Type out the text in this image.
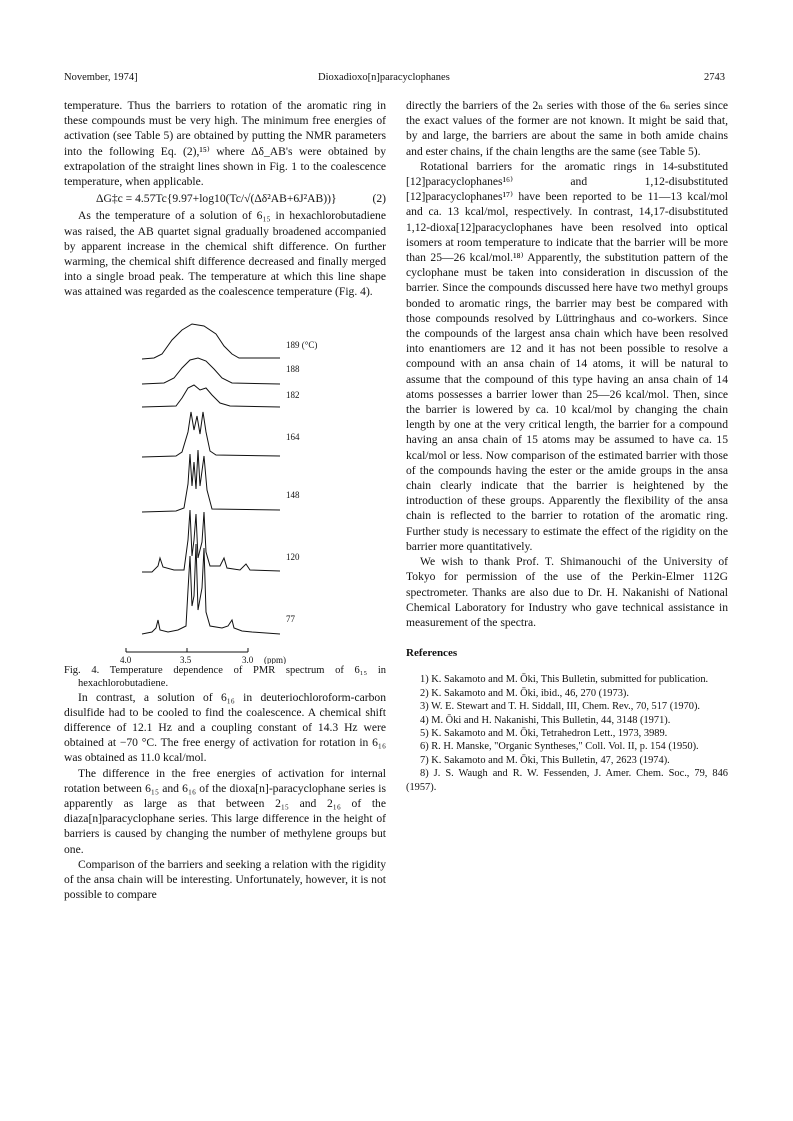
November, 1974]	Dioxadioxo[n]paracyclophanes	2743

temperature. Thus the barriers to rotation of the aromatic ring in these compounds must be very high. The minimum free energies of activation (see Table 5) are obtained by putting the NMR parameters into the following Eq. (2),¹⁵⁾ where Δδ_AB's were obtained by extrapolation of the straight lines shown in Fig. 1 to the coalescence temperature, when applicable.

ΔG‡c = 4.57Tc{9.97+log10(Tc/√(Δδ²AB+6J²AB))}	(2)

As the temperature of a solution of 6₁₅ in hexachlorobutadiene was raised, the AB quartet signal gradually broadened accompanied by apparent increase in the chemical shift difference. On further warming, the chemical shift difference decreased and finally merged into a single broad peak. The temperature at which this line shape was attained was regarded as the coalescence temperature (Fig. 4).

189 (°C)
188
182
164
148
120
77
4.0	3.5	3.0 (ppm)

Fig. 4. Temperature dependence of PMR spectrum of 6₁₅ in hexachlorobutadiene.

In contrast, a solution of 6₁₆ in deuteriochloroform-carbon disulfide had to be cooled to find the coalescence. A chemical shift difference of 12.1 Hz and a coupling constant of 14.3 Hz were obtained at −70 °C. The free energy of activation for rotation in 6₁₆ was obtained as 11.0 kcal/mol.

The difference in the free energies of activation for internal rotation between 6₁₅ and 6₁₆ of the dioxa[n]-paracyclophane series is apparently as large as that between 2₁₅ and 2₁₆ of the diaza[n]paracyclophane series. This large difference in the height of barriers is caused by changing the number of methylene groups but one.

Comparison of the barriers and seeking a relation with the rigidity of the ansa chain will be interesting. Unfortunately, however, it is not possible to compare

directly the barriers of the 2ₙ series with those of the 6ₙ series since the exact values of the former are not known. It might be said that, by and large, the barriers are about the same in both amide chains and ester chains, if the chain lengths are the same (see Table 5).

Rotational barriers for the aromatic rings in 14-substituted [12]paracyclophanes¹⁶⁾ and 1,12-disubstituted [12]paracyclophanes¹⁷⁾ have been reported to be 11—13 kcal/mol and ca. 13 kcal/mol, respectively. In contrast, 14,17-disubstituted 1,12-dioxa[12]paracyclophanes have been resolved into optical isomers at room temperature to indicate that the barrier will be more than 25—26 kcal/mol.¹⁸⁾ Apparently, the substitution pattern of the cyclophane must be taken into consideration in discussion of the barrier. Since the compounds discussed here have two methyl groups bonded to aromatic rings, the barrier may best be compared with those compounds resolved by Lüttringhaus and co-workers. Since the compounds of the largest ansa chain which have been resolved into enantiomers are 12 and it has not been possible to resolve a compound with an ansa chain of 14 atoms, it will be natural to assume that the compound of this type having an ansa chain of 14 atoms possesses a barrier lower than 25—26 kcal/mol. Then, since the barrier is lowered by ca. 10 kcal/mol by changing the chain length by one at the very critical length, the barrier for a compound having an ansa chain of 15 atoms may be assumed to have ca. 15 kcal/mol or less. Now comparison of the estimated barrier with those of the compounds having the ester or the amide groups in the ansa chain clearly indicate that the barrier is heightened by the introduction of these groups. Apparently the flexibility of the ansa chain is reflected to the barrier to rotation of the aromatic ring. Further study is necessary to estimate the effect of the rigidity on the barrier more quantitatively.

We wish to thank Prof. T. Shimanouchi of the University of Tokyo for permission of the use of the Perkin-Elmer 112G spectrometer. Thanks are also due to Dr. H. Nakanishi of National Chemical Laboratory for Industry who gave technical assistance in measurement of the spectra.

References

1) K. Sakamoto and M. Ōki, This Bulletin, submitted for publication.

2) K. Sakamoto and M. Ōki, ibid., 46, 270 (1973).

3) W. E. Stewart and T. H. Siddall, III, Chem. Rev., 70, 517 (1970).

4) M. Ōki and H. Nakanishi, This Bulletin, 44, 3148 (1971).

5) K. Sakamoto and M. Ōki, Tetrahedron Lett., 1973, 3989.

6) R. H. Manske, "Organic Syntheses," Coll. Vol. II, p. 154 (1950).

7) K. Sakamoto and M. Ōki, This Bulletin, 47, 2623 (1974).

8) J. S. Waugh and R. W. Fessenden, J. Amer. Chem. Soc., 79, 846 (1957).
